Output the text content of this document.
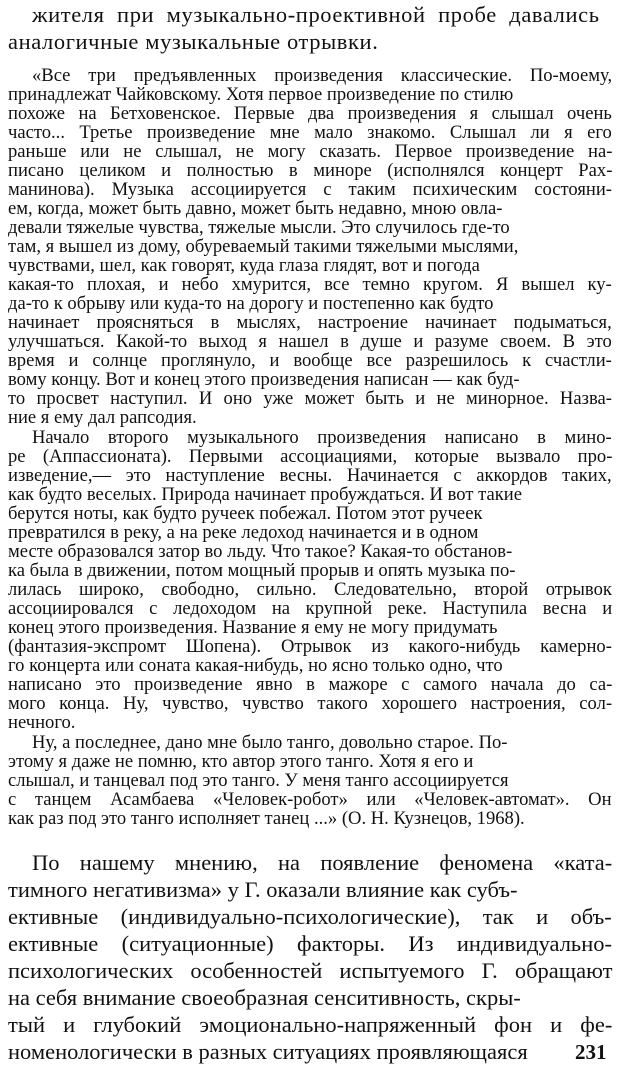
жителя при музыкально-проективной пробе давались
аналогичные музыкальные отрывки.
«Все три предъявленных произведения классические. По-моему,
принадлежат Чайковскому. Хотя первое произведение по стилю
похоже на Бетховенское. Первые два произведения я слышал очень
часто... Третье произведение мне мало знакомо. Слышал ли я его
раньше или не слышал, не могу сказать. Первое произведение на-
писано целиком и полностью в миноре (исполнялся концерт Рах-
манинова). Музыка ассоциируется с таким психическим состояни-
ем, когда, может быть давно, может быть недавно, мною овла-
девали тяжелые чувства, тяжелые мысли. Это случилось где-то
там, я вышел из дому, обуреваемый такими тяжелыми мыслями,
чувствами, шел, как говорят, куда глаза глядят, вот и погода
какая-то плохая, и небо хмурится, все темно кругом. Я вышел ку-
да-то к обрыву или куда-то на дорогу и постепенно как будто
начинает проясняться в мыслях, настроение начинает подыматься,
улучшаться. Какой-то выход я нашел в душе и разуме своем. В это
время и солнце проглянуло, и вообще все разрешилось к счастли-
вому концу. Вот и конец этого произведения написан — как буд-
то просвет наступил. И оно уже может быть и не минорное. Назва-
ние я ему дал рапсодия.
Начало второго музыкального произведения написано в мино-
ре (Аппассионата). Первыми ассоциациями, которые вызвало про-
изведение,— это наступление весны. Начинается с аккордов таких,
как будто веселых. Природа начинает пробуждаться. И вот такие
берутся ноты, как будто ручеек побежал. Потом этот ручеек
превратился в реку, а на реке ледоход начинается и в одном
месте образовался затор во льду. Что такое? Какая-то обстанов-
ка была в движении, потом мощный прорыв и опять музыка по-
лилась широко, свободно, сильно. Следовательно, второй отрывок
ассоциировался с ледоходом на крупной реке. Наступила весна и
конец этого произведения. Название я ему не могу придумать
(фантазия-экспромт Шопена). Отрывок из какого-нибудь камерно-
го концерта или соната какая-нибудь, но ясно только одно, что
написано это произведение явно в мажоре с самого начала до са-
мого конца. Ну, чувство, чувство такого хорошего настроения, сол-
нечного.
Ну, а последнее, дано мне было танго, довольно старое. По-
этому я даже не помню, кто автор этого танго. Хотя я его и
слышал, и танцевал под это танго. У меня танго ассоциируется
с танцем Асамбаева «Человек-робот» или «Человек-автомат». Он
как раз под это танго исполняет танец ...» (О. Н. Кузнецов, 1968).
По нашему мнению, на появление феномена «ката-
тимного негативизма» у Г. оказали влияние как субъ-
ективные (индивидуально-психологические), так и объ-
ективные (ситуационные) факторы. Из индивидуально-
психологических особенностей испытуемого Г. обращают
на себя внимание своеобразная сенситивность, скры-
тый и глубокий эмоционально-напряженный фон и фе-
номенологически в разных ситуациях проявляющаяся 231
